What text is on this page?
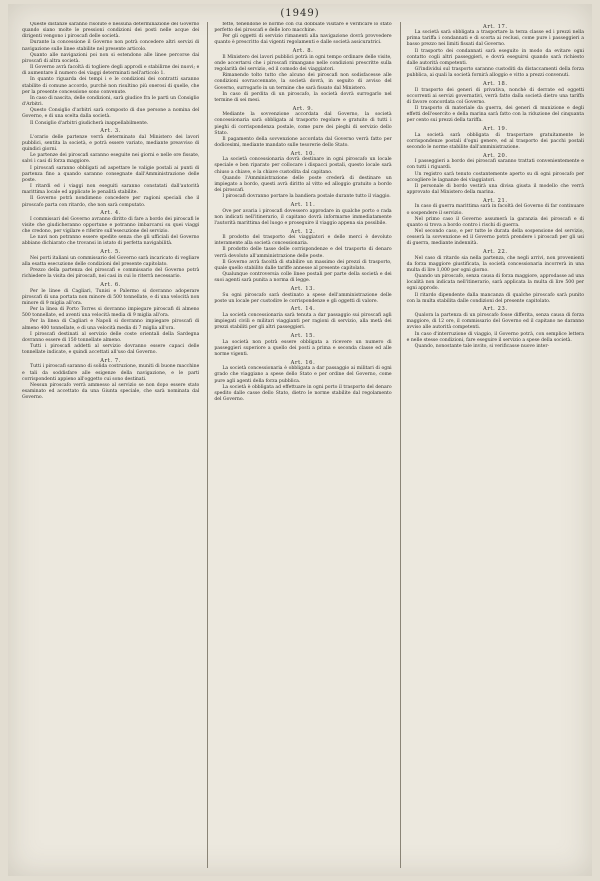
(1949)

Queste distanze saranno risolute e nessuna determinazione del Governo quando siano molte le pressioni condizioni dei posti nelle acque dei dirigenti vengono i piroscafi delle società.

Durante la concessione il Governo non potrà concedere altri servizi di navigazione sulle linee stabilite nel presente articolo.

Quanto alle navigazioni poi non si estendono alle linee percorse dai piroscafi di altra società.

Il Governo avrà facoltà di togliere degli approdi e stabilirne dei nuovi; e di aumentare il numero dei viaggi determinati nell'articolo 1.

In quanto riguarda dei tempi i e le condizioni dei contratti saranno stabilite di comune accordo, purchè non risultino più onerosi di quelle, che per la presente concessione sono convenute.

In caso di nascita, delle condizioni, sarà giudice fra le parti un Consiglio d'Arbitri.

Questo Consiglio d'arbitri sarà composto di due persone a nomina del Governo, e di una scelta dalla società.

Il Consiglio d'arbitri giudicherà inappellabilmente.

Art. 3.

L'orario delle partenze verrà determinato dal Ministero dei lavori pubblici, sentita la società, e potrà essere variato, mediante preavviso di quindici giorni.

Le partenze dei piroscafi saranno eseguite nei giorni e nelle ore fissate, salvi i casi di forza maggiore.

I piroscafi saranno obbligati ad aspettare le valigie postali ai punti di partenza fino a quando saranno consegnate dall'Amministrazione delle poste.

I ritardi ed i viaggi non eseguiti saranno constatati dall'autorità marittima locale ed applicate le penalità stabilite.

Il Governo potrà nondimeno concedere per ragioni speciali che il piroscafo parta con ritardo, che non sarà computato.

Art. 4.

I commissari del Governo avranno diritto di fare a bordo dei piroscafi le visite che giudicheranno opportune e potranno imbarcarsi su quei viaggi che credono, per vigilare e riferire sull'esecuzione del servizio.

Le navi non potranno essere spedite senza che gli ufficiali del Governo abbiano dichiarato che trovansi in istato di perfetta navigabilità.

Art. 5.

Nei porti italiani un commissario del Governo sarà incaricato di vegliare alla esatta esecuzione delle condizioni del presente capitolato.

Prezzo della partenza dei piroscafi e commissario del Governo potrà richiedere la visita dei piroscafi, nei casi in cui lo riterrà necessario.

Art. 6.

Per le linee di Cagliari, Tunisi e Palermo si dovranno adoperare piroscafi di una portata non minore di 500 tonnellate, e di una velocità non minore di 9 miglia all'ora.

Per la linea di Porto Torres si dovranno impiegare piroscafi di almeno 500 tonnellate, ed aventi una velocità media di 9 miglia all'ora.

Per la linea di Cagliari e Napoli si dovranno impiegare piroscafi di almeno 400 tonnellate, e di una velocità media di 7 miglia all'ora.

I piroscafi destinati al servizio delle coste orientali della Sardegna dovranno essere di 150 tonnellate almeno.

Tutti i piroscafi addetti al servizio dovranno essere capaci delle tonnellate indicate, e quindi accettati all'uso dal Governo.

Art. 7.

Tutti i piroscafi saranno di solida costruzione, muniti di buone macchine e tali da soddisfare alle esigenze della navigazione, e le parti corrispondenti appieno all'oggetto cui sono destinati.

Nessun piroscafo verrà ammesso al servizio se non dopo essere stato esaminato ed accettato da una Giunta speciale, che sarà nominata dal Governo.

fette, tenendone le norme con cui dobbiate visitare e verificare lo stato perfetto dei piroscafi e delle loro macchine.

Per gli oggetti di servizio rimanenti alla navigazione dovrà provvedere quanto è prescritto dai vigenti regolamenti e dalle società assicuratrici.

Art. 8.

Il Ministero dei lavori pubblici potrà in ogni tempo ordinare delle visite, onde accertarsi che i piroscafi rimangano nelle condizioni prescritte sulla regolarità del servizio, ed il comodo dei viaggiatori.

Rimanendo tolto tutto che alcuno dei piroscafi non sodisfacesse alle condizioni sovraccennate, la società dovrà, in seguito di avviso del Governo, surrogarlo in un termine che sarà fissato dal Ministero.

In caso di perdita di un piroscafo, la società dovrà surrogarlo nel termine di sei mesi.

Art. 9.

Mediante la sovvenzione accordata dal Governo, la società concessionaria sarà obbligata al trasporto regolare e gratuito di tutti i pieghi di corrispondenza postale, come pure dei pieghi di servizio dello Stato.

Il pagamento della sovvenzione accordata dal Governo verrà fatto per dodicesimi, mediante mandato sulle tesorerie dello Stato.

Art. 10.

La società concessionaria dovrà destinare in ogni piroscafo un locale speciale e ben riparato per collocare i dispacci postali, questo locale sarà chiuso a chiave, e la chiave custodita dal capitano.

Quando l'Amministrazione delle poste crederà di destinare un impiegato a bordo, questi avrà diritto al vitto ed alloggio gratuito a bordo dei piroscafi.

I piroscafi dovranno portare la bandiera postale durante tutto il viaggio.

Art. 11.

Ove per avaria i piroscafi dovessero approdare in qualche porto o rada non indicati nell'itinerario, il capitano dovrà informarne immediatamente l'autorità marittima del luogo e proseguire il viaggio appena sia possibile.

Art. 12.

Il prodotto del trasporto dei viaggiatori e delle merci è devoluto interamente alla società concessionaria.

Il prodotto delle tasse delle corrispondenze e del trasporto di denaro verrà devoluto all'amministrazione delle poste.

Il Governo avrà facoltà di stabilire un massimo dei prezzi di trasporto, quale quello stabilito dalle tariffe annesse al presente capitolato.

Qualunque controversia colle linee postali per parte della società e dei suoi agenti sarà punita a norma di legge.

Art. 13.

Su ogni piroscafo sarà destinato a spese dell'amministrazione delle poste un locale per custodire le corrispondenze e gli oggetti di valore.

Art. 14.

La società concessionaria sarà tenuta a dar passaggio sui piroscafi agli impiegati civili e militari viaggianti per ragioni di servizio, alla metà dei prezzi stabiliti per gli altri passeggieri.

Art. 15.

La società non potrà essere obbligata a ricevere un numero di passeggieri superiore a quello dei posti a prima e seconda classe ed alle norme vigenti.

Art. 16.

La società concessionaria è obbligata a dar passaggio ai militari di ogni grado che viaggiano a spese dello Stato e per ordine del Governo, come pure agli agenti della forza pubblica.

La società è obbligata ad effettuare in ogni porto il trasporto del denaro spedito dalle casse dello Stato, dietro le norme stabilite dal regolamento del Governo.

Art. 17.

La società sarà obbligata a trasportare la terza classe ed i prezzi nella prima tariffa i condannati e di scorta ai reclusi, come pure i passeggieri a basso prezzo nei limiti fissati dal Governo.

Il trasporto dei condannati sarà eseguito in modo da evitare ogni contatto cogli altri passeggieri, e dovrà eseguirsi quando sarà richiesto dalle autorità competenti.

Gl'individui sul trasporto saranno custoditi da distaccamenti della forza pubblica, ai quali la società fornirà alloggio e vitto a prezzi convenuti.

Art. 18.

Il trasporto dei generi di privativa, nonchè di derrate ed oggetti occorrenti ai servizi governativi, verrà fatto dalla società dietro una tariffa di favore concordata col Governo.

Il trasporto di materiale da guerra, dei generi di munizione e degli effetti dell'esercito e della marina sarà fatto con la riduzione del cinquanta per cento sui prezzi della tariffa.

Art. 19.

La società sarà obbligata di trasportare gratuitamente le corrispondenze postali d'ogni genere, ed al trasporto dei pacchi postali secondo le norme stabilite dall'amministrazione.

Art. 20.

I passeggieri a bordo dei piroscafi saranno trattati convenientemente e con tutti i riguardi.

Un registro sarà tenuto costantemente aperto su di ogni piroscafo per accogliere le lagnanze dei viaggiatori.

Il personale di bordo vestirà una divisa giusta il modello che verrà approvato dal Ministero della marina.

Art. 21.

In caso di guerra marittima sarà in facoltà del Governo di far continuare o sospendere il servizio.

Nel primo caso il Governo assumerà la garanzia dei piroscafi e di quanto si trova a bordo contro i rischi di guerra.

Nel secondo caso, e per tutte le durata della sospensione del servizio, cesserà la sovvenzione ed il Governo potrà prendere i piroscafi per gli usi di guerra, mediante indennità.

Art. 22.

Nel caso di ritardo sia nella partenza, che negli arrivi, non provenienti da forza maggiore giustificata, la società concessionaria incorrerà in una multa di lire 1,000 per ogni giorno.

Quando un piroscafo, senza causa di forza maggiore, approdasse ad una località non indicata nell'itinerario, sarà applicata la multa di lire 500 per ogni approdo.

Il ritardo dipendente dalla mancanza di qualche piroscafo sarà punito con la multa stabilita dalle condizioni del presente capitolato.

Art. 23.

Qualora la partenza di un piroscafo fosse differita, senza causa di forza maggiore, di 12 ore, il commissario del Governo ed il capitano ne daranno avviso alle autorità competenti.

In caso d'interruzione di viaggio, il Governo potrà, con semplice lettera e nelle stesse condizioni, fare eseguire il servizio a spese della società.

Quando, nonostante tale invito, si verificasse nuove inter-
